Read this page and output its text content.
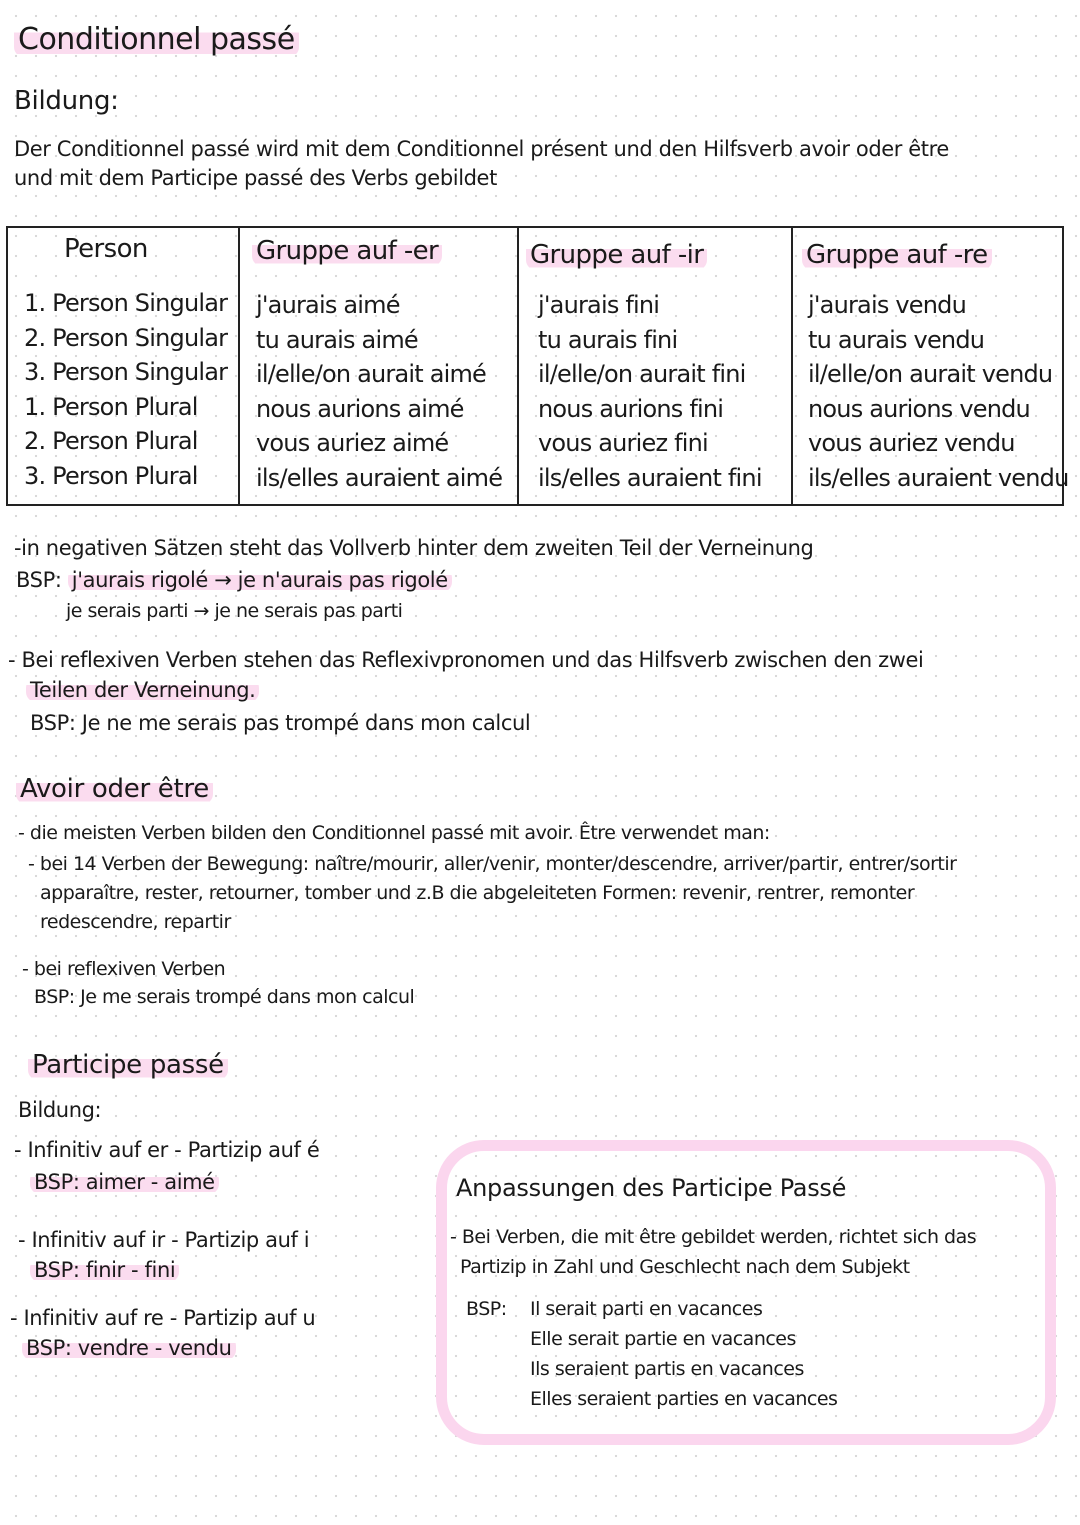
Conditionnel passé
Bildung:
Der Conditionnel passé wird mit dem Conditionnel présent und den Hilfsverb avoir oder être
und mit dem Participe passé des Verbs gebildet
Person
1. Person Singular
2. Person Singular
3. Person Singular
1. Person Plural
2. Person Plural
3. Person Plural
Gruppe auf -er
j'aurais aimé
tu aurais aimé
il/elle/on aurait aimé
nous aurions aimé
vous auriez aimé
ils/elles auraient aimé
Gruppe auf -ir
j'aurais fini
tu aurais fini
il/elle/on aurait fini
nous aurions fini
vous auriez fini
ils/elles auraient fini
Gruppe auf -re
j'aurais vendu
tu aurais vendu
il/elle/on aurait vendu
nous aurions vendu
vous auriez vendu
ils/elles auraient vendu
-in negativen Sätzen steht das Vollverb hinter dem zweiten Teil der Verneinung
BSP: j'aurais rigolé → je n'aurais pas rigolé
je serais parti → je ne serais pas parti
- Bei reflexiven Verben stehen das Reflexivpronomen und das Hilfsverb zwischen den zwei
Teilen der Verneinung.
BSP: Je ne me serais pas trompé dans mon calcul
Avoir oder être
- die meisten Verben bilden den Conditionnel passé mit avoir. Être verwendet man:
- bei 14 Verben der Bewegung: naître/mourir, aller/venir, monter/descendre, arriver/partir, entrer/sortir
apparaître, rester, retourner, tomber und z.B die abgeleiteten Formen: revenir, rentrer, remonter
redescendre, repartir
- bei reflexiven Verben
BSP: Je me serais trompé dans mon calcul
Participe passé
Bildung:
- Infinitiv auf er - Partizip auf é
BSP: aimer - aimé
- Infinitiv auf ir - Partizip auf i
BSP: finir - fini
- Infinitiv auf re - Partizip auf u
BSP: vendre - vendu
Anpassungen des Participe Passé
- Bei Verben, die mit être gebildet werden, richtet sich das
Partizip in Zahl und Geschlecht nach dem Subjekt
BSP: Il serait parti en vacances
Elle serait partie en vacances
Ils seraient partis en vacances
Elles seraient parties en vacances
